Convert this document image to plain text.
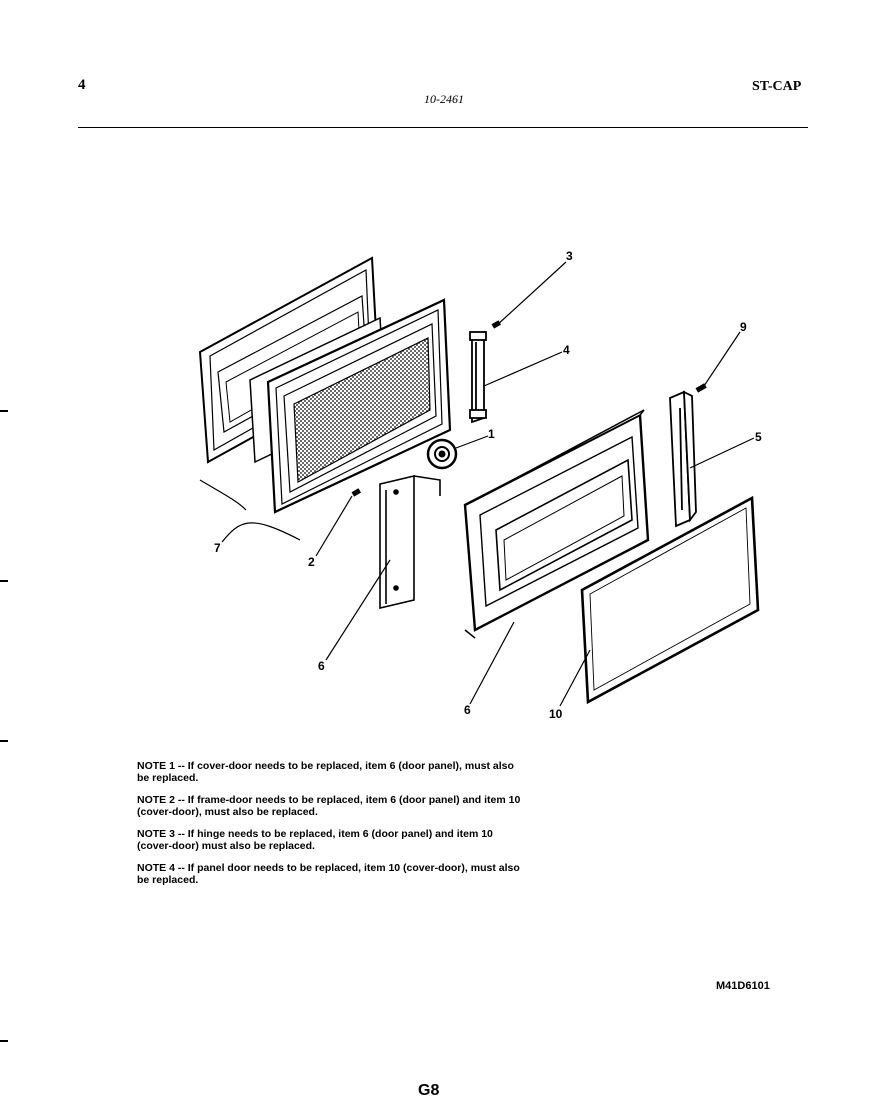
4
10-2461
ST-CAP
1
2
3
4
5
6
6
7
9
10

NOTE 1 -- If cover-door needs to be replaced, item 6 (door panel), must also be replaced.

NOTE 2 -- If frame-door needs to be replaced, item 6 (door panel) and item 10 (cover-door), must also be replaced.

NOTE 3 -- If hinge needs to be replaced, item 6 (door panel) and item 10 (cover-door) must also be replaced.

NOTE 4 -- If panel door needs to be replaced, item 10 (cover-door), must also be replaced.

M41D6101
G8
